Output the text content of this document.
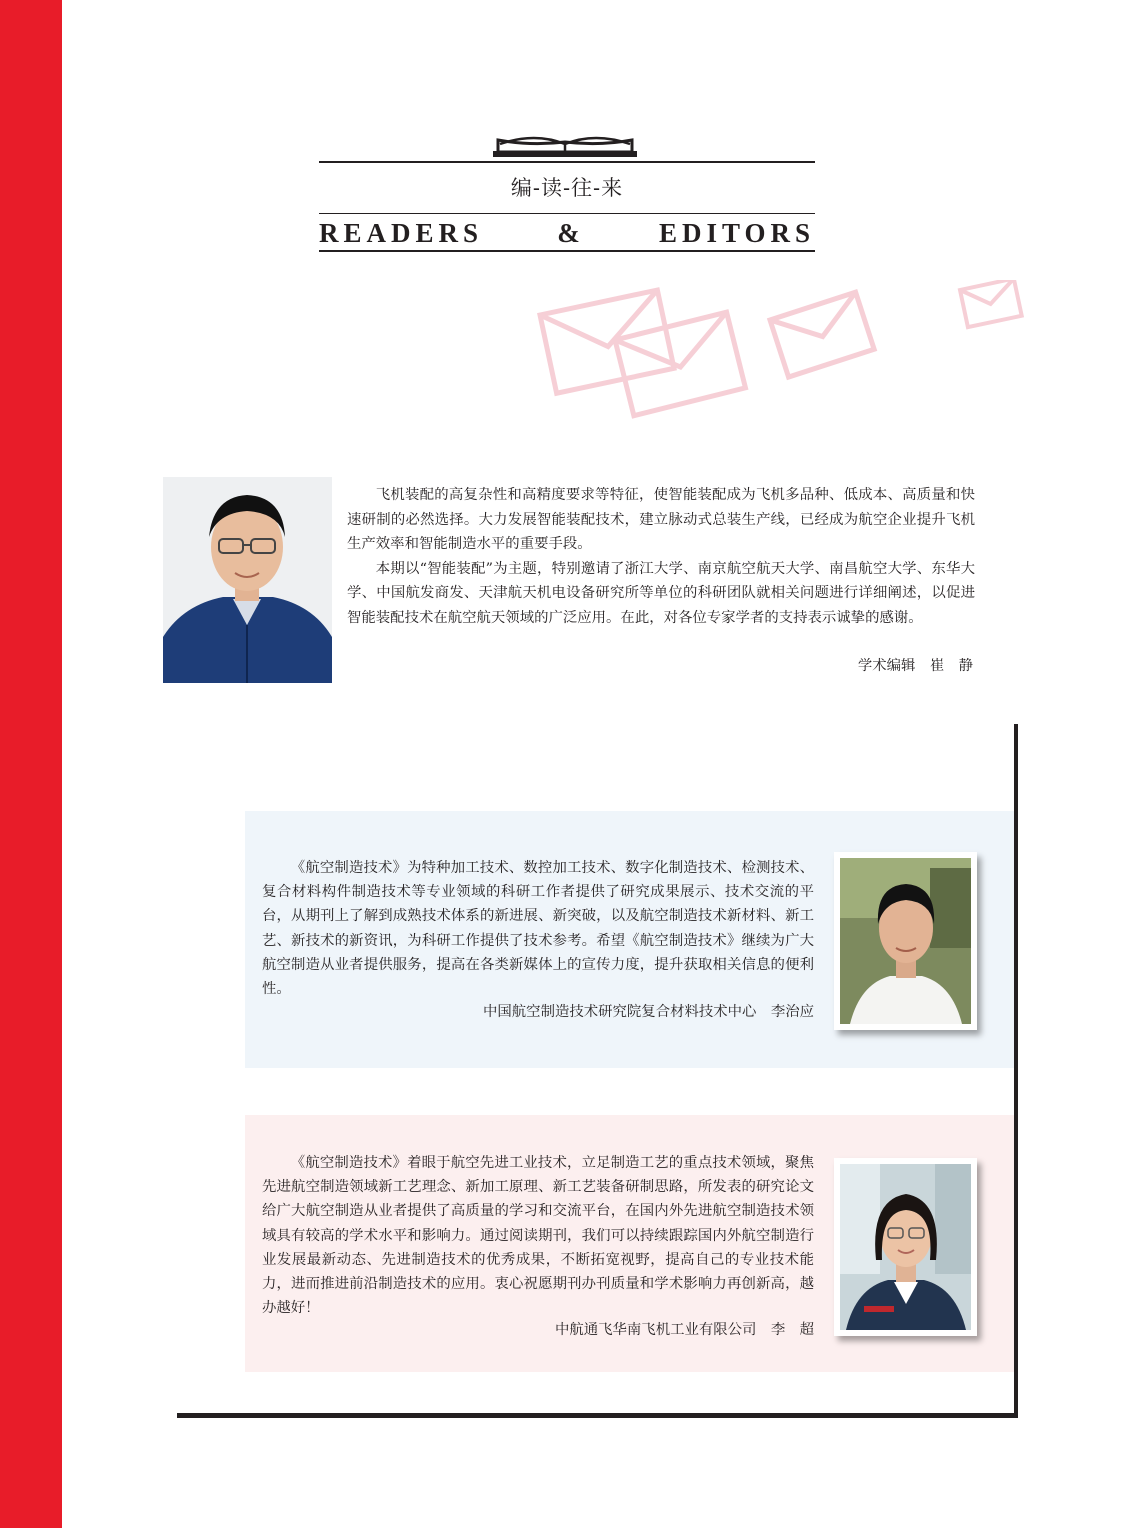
编-读-往-来
READERS	&	EDITORS

飞机装配的高复杂性和高精度要求等特征，使智能装配成为飞机多品种、低成本、高质量和快速研制的必然选择。大力发展智能装配技术，建立脉动式总装生产线，已经成为航空企业提升飞机生产效率和智能制造水平的重要手段。

本期以“智能装配”为主题，特别邀请了浙江大学、南京航空航天大学、南昌航空大学、东华大学、中国航发商发、天津航天机电设备研究所等单位的科研团队就相关问题进行详细阐述，以促进智能装配技术在航空航天领域的广泛应用。在此，对各位专家学者的支持表示诚挚的感谢。

学术编辑　崔　静

《航空制造技术》为特种加工技术、数控加工技术、数字化制造技术、检测技术、复合材料构件制造技术等专业领域的科研工作者提供了研究成果展示、技术交流的平台，从期刊上了解到成熟技术体系的新进展、新突破，以及航空制造技术新材料、新工艺、新技术的新资讯，为科研工作提供了技术参考。希望《航空制造技术》继续为广大航空制造从业者提供服务，提高在各类新媒体上的宣传力度，提升获取相关信息的便利性。

中国航空制造技术研究院复合材料技术中心　李治应

《航空制造技术》着眼于航空先进工业技术，立足制造工艺的重点技术领域，聚焦先进航空制造领域新工艺理念、新加工原理、新工艺装备研制思路，所发表的研究论文给广大航空制造从业者提供了高质量的学习和交流平台，在国内外先进航空制造技术领域具有较高的学术水平和影响力。通过阅读期刊，我们可以持续跟踪国内外航空制造行业发展最新动态、先进制造技术的优秀成果，不断拓宽视野，提高自己的专业技术能力，进而推进前沿制造技术的应用。衷心祝愿期刊办刊质量和学术影响力再创新高，越办越好！

中航通飞华南飞机工业有限公司　李　超
